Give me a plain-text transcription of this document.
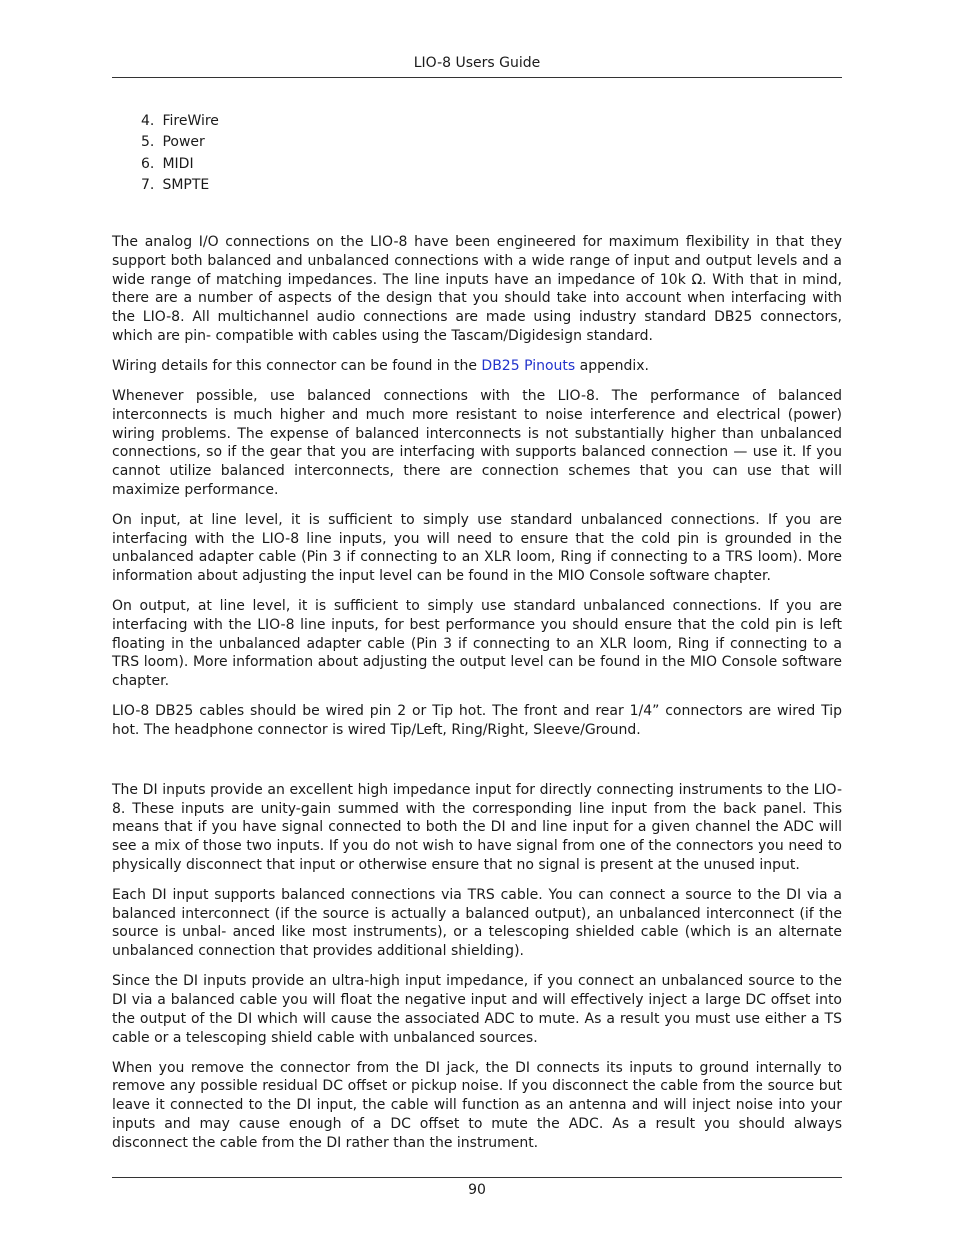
LIO-8 Users Guide
4. FireWire
5. Power
6. MIDI
7. SMPTE

The analog I/O connections on the LIO-8 have been engineered for maximum flexibility in that they support both balanced and unbalanced connections with a wide range of input and output levels and a wide range of matching impedances. The line inputs have an impedance of 10k Ω. With that in mind, there are a number of aspects of the design that you should take into account when interfacing with the LIO-8. All multichannel audio connections are made using industry standard DB25 connectors, which are pin- compatible with cables using the Tascam/Digidesign standard.

Wiring details for this connector can be found in the DB25 Pinouts appendix.

Whenever possible, use balanced connections with the LIO-8. The performance of balanced interconnects is much higher and much more resistant to noise interference and electrical (power) wiring problems. The expense of balanced interconnects is not substantially higher than unbalanced connections, so if the gear that you are interfacing with supports balanced connection — use it. If you cannot utilize balanced interconnects, there are connection schemes that you can use that will maximize performance.

On input, at line level, it is sufficient to simply use standard unbalanced connections. If you are interfacing with the LIO-8 line inputs, you will need to ensure that the cold pin is grounded in the unbalanced adapter cable (Pin 3 if connecting to an XLR loom, Ring if connecting to a TRS loom). More information about adjusting the input level can be found in the MIO Console software chapter.

On output, at line level, it is sufficient to simply use standard unbalanced connections. If you are interfacing with the LIO-8 line inputs, for best performance you should ensure that the cold pin is left floating in the unbalanced adapter cable (Pin 3 if connecting to an XLR loom, Ring if connecting to a TRS loom). More information about adjusting the output level can be found in the MIO Console software chapter.

LIO-8 DB25 cables should be wired pin 2 or Tip hot. The front and rear 1/4” connectors are wired Tip hot. The headphone connector is wired Tip/Left, Ring/Right, Sleeve/Ground.

The DI inputs provide an excellent high impedance input for directly connecting instruments to the LIO-8. These inputs are unity-gain summed with the corresponding line input from the back panel. This means that if you have signal connected to both the DI and line input for a given channel the ADC will see a mix of those two inputs. If you do not wish to have signal from one of the connectors you need to physically disconnect that input or otherwise ensure that no signal is present at the unused input.

Each DI input supports balanced connections via TRS cable. You can connect a source to the DI via a balanced interconnect (if the source is actually a balanced output), an unbalanced interconnect (if the source is unbal- anced like most instruments), or a telescoping shielded cable (which is an alternate unbalanced connection that provides additional shielding).

Since the DI inputs provide an ultra-high input impedance, if you connect an unbalanced source to the DI via a balanced cable you will float the negative input and will effectively inject a large DC offset into the output of the DI which will cause the associated ADC to mute. As a result you must use either a TS cable or a telescoping shield cable with unbalanced sources.

When you remove the connector from the DI jack, the DI connects its inputs to ground internally to remove any possible residual DC offset or pickup noise. If you disconnect the cable from the source but leave it connected to the DI input, the cable will function as an antenna and will inject noise into your inputs and may cause enough of a DC offset to mute the ADC. As a result you should always disconnect the cable from the DI rather than the instrument.

90
